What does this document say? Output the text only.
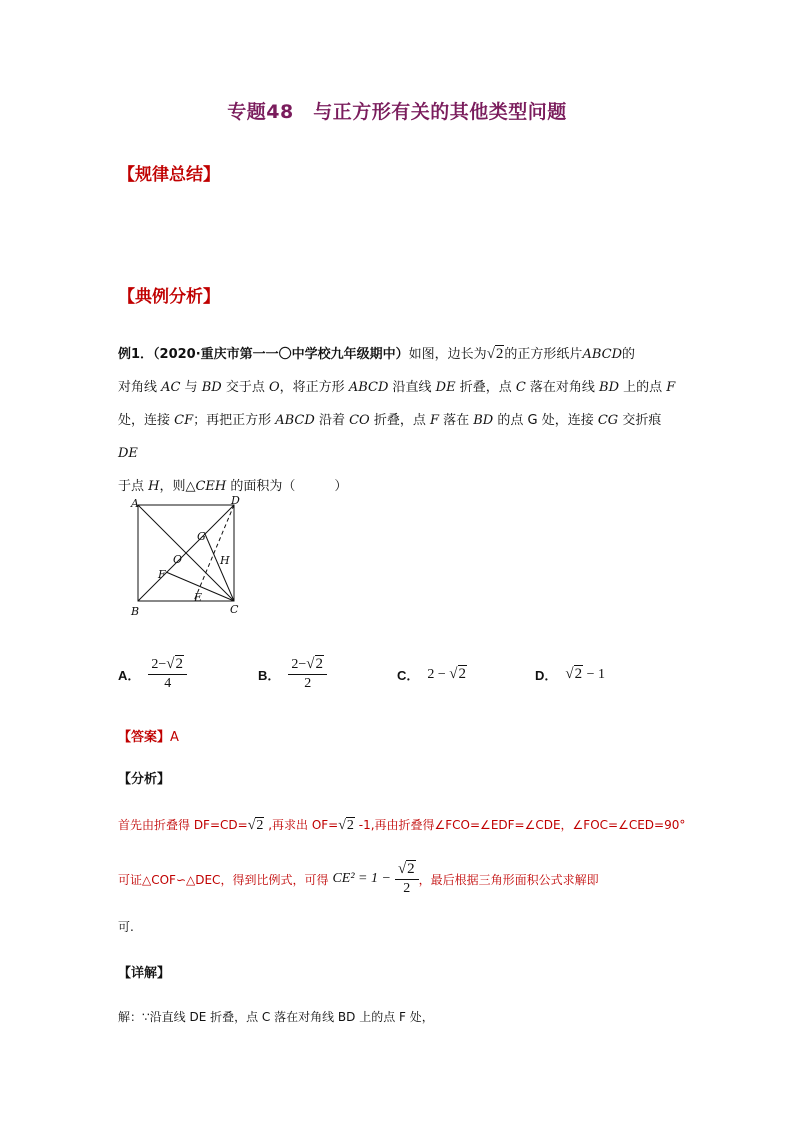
专题48　与正方形有关的其他类型问题
【规律总结】
【典例分析】
例1．（2020·重庆市第一一〇中学校九年级期中）如图，边长为√2的正方形纸片ABCD的
对角线 AC 与 BD 交于点 O，将正方形 ABCD 沿直线 DE 折叠，点 C 落在对角线 BD 上的点 F
处，连接 CF；再把正方形 ABCD 沿着 CO 折叠，点 F 落在 BD 的点 G 处，连接 CG 交折痕 DE
于点 H，则△CEH 的面积为（　　　）
A	D
B	C
O
G
H
F
E
A． $\frac{2-√2}{4}$	B． $\frac{2-√2}{2}$	C． 2 − √2	D． √2 − 1
【答案】A
【分析】
首先由折叠得 DF=CD=√2 ,再求出 OF=√2 -1,再由折叠得∠FCO=∠EDF=∠CDE，∠FOC=∠CED=90°
可证△COF∽△DEC，得到比例式，可得 $CE^2 = 1 - \frac{√2}{2}$ ，最后根据三角形面积公式求解即
可.
【详解】
解：∵沿直线 DE 折叠，点 C 落在对角线 BD 上的点 F 处，
